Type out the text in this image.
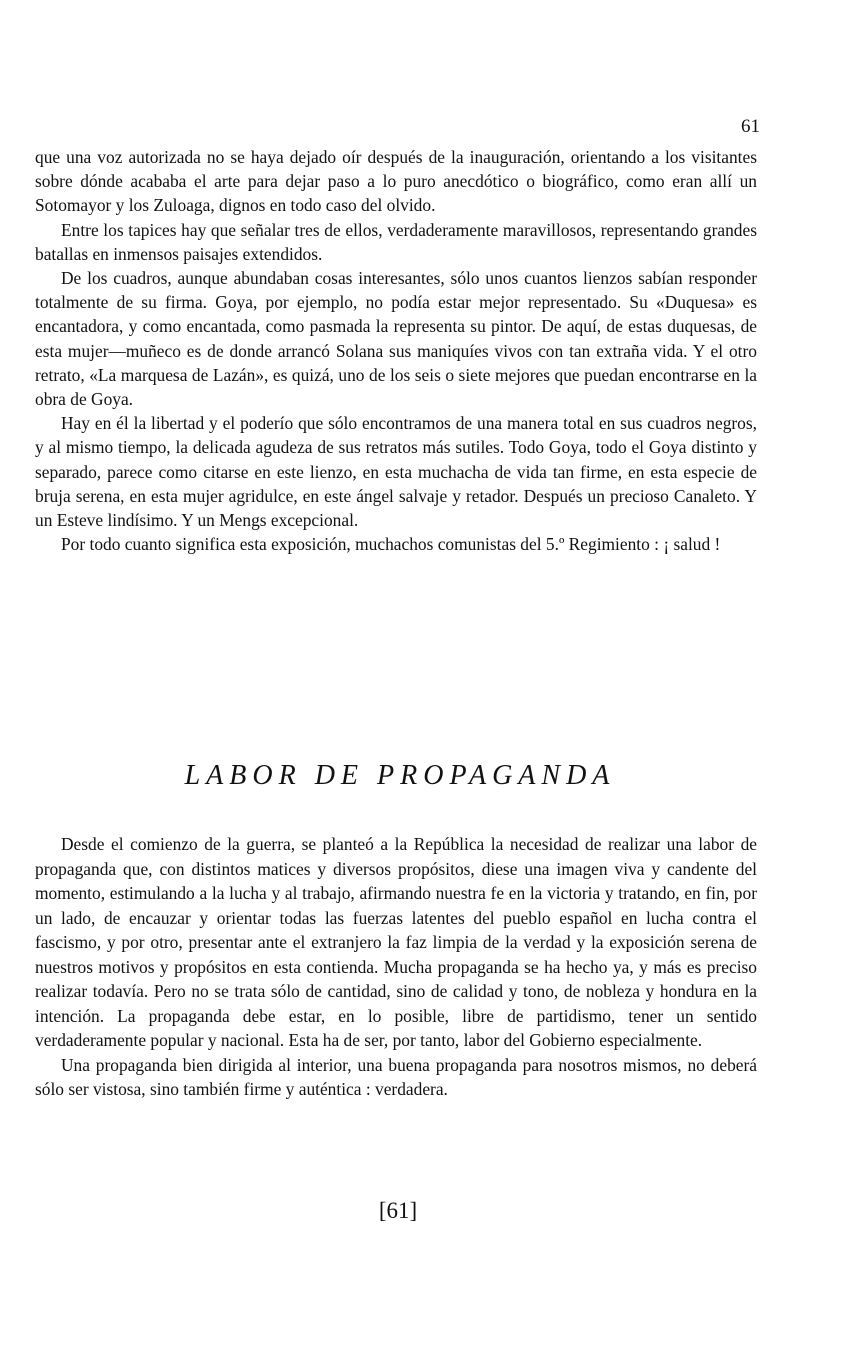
61

que una voz autorizada no se haya dejado oír después de la inauguración, orientando a los visitantes sobre dónde acababa el arte para dejar paso a lo puro anecdótico o biográfico, como eran allí un Sotomayor y los Zuloaga, dignos en todo caso del olvido.

Entre los tapices hay que señalar tres de ellos, verdaderamente maravillosos, representando grandes batallas en inmensos paisajes extendidos.

De los cuadros, aunque abundaban cosas interesantes, sólo unos cuantos lienzos sabían responder totalmente de su firma. Goya, por ejemplo, no podía estar mejor representado. Su «Duquesa» es encantadora, y como encantada, como pasmada la representa su pintor. De aquí, de estas duquesas, de esta mujer—muñeco es de donde arrancó Solana sus maniquíes vivos con tan extraña vida. Y el otro retrato, «La marquesa de Lazán», es quizá, uno de los seis o siete mejores que puedan encontrarse en la obra de Goya.

Hay en él la libertad y el poderío que sólo encontramos de una manera total en sus cuadros negros, y al mismo tiempo, la delicada agudeza de sus retratos más sutiles. Todo Goya, todo el Goya distinto y separado, parece como citarse en este lienzo, en esta muchacha de vida tan firme, en esta especie de bruja serena, en esta mujer agridulce, en este ángel salvaje y retador. Después un precioso Canaleto. Y un Esteve lindísimo. Y un Mengs excepcional.

Por todo cuanto significa esta exposición, muchachos comunistas del 5.º Regimiento : ¡ salud !

LABOR DE PROPAGANDA

Desde el comienzo de la guerra, se planteó a la República la necesidad de realizar una labor de propaganda que, con distintos matices y diversos propósitos, diese una imagen viva y candente del momento, estimulando a la lucha y al trabajo, afirmando nuestra fe en la victoria y tratando, en fin, por un lado, de encauzar y orientar todas las fuerzas latentes del pueblo español en lucha contra el fascismo, y por otro, presentar ante el extranjero la faz limpia de la verdad y la exposición serena de nuestros motivos y propósitos en esta contienda. Mucha propaganda se ha hecho ya, y más es preciso realizar todavía. Pero no se trata sólo de cantidad, sino de calidad y tono, de nobleza y hondura en la intención. La propaganda debe estar, en lo posible, libre de partidismo, tener un sentido verdaderamente popular y nacional. Esta ha de ser, por tanto, labor del Gobierno especialmente.

Una propaganda bien dirigida al interior, una buena propaganda para nosotros mismos, no deberá sólo ser vistosa, sino también firme y auténtica : verdadera.

[61]
